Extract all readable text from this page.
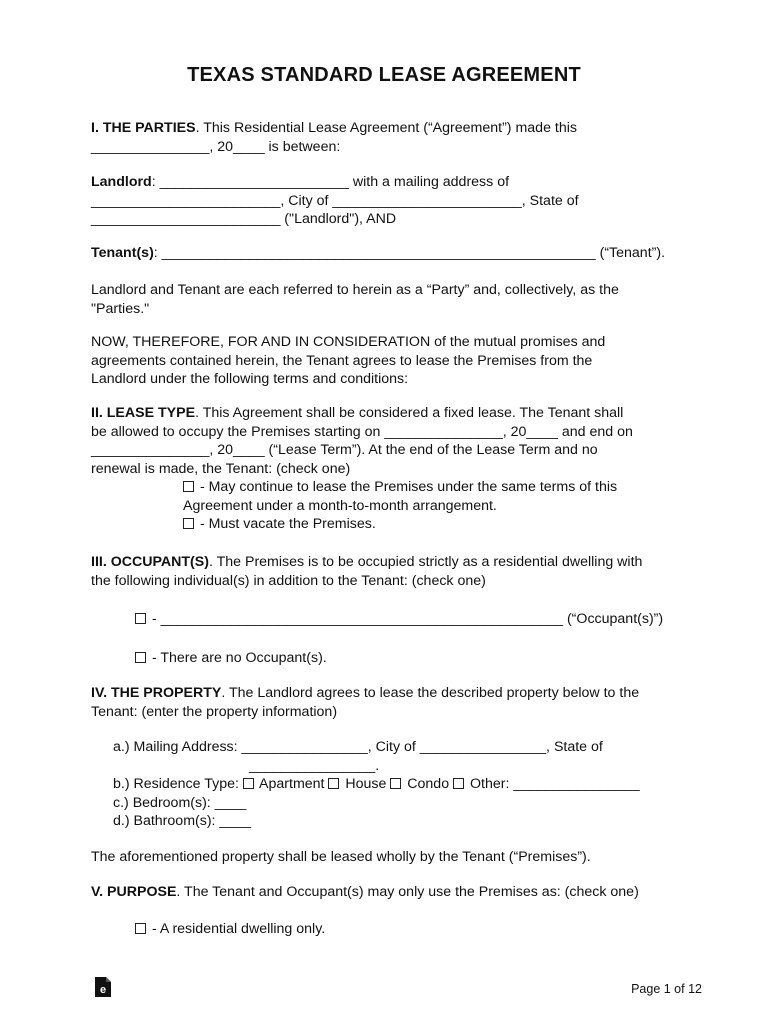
TEXAS STANDARD LEASE AGREEMENT
I. THE PARTIES. This Residential Lease Agreement (“Agreement”) made this
_______________, 20____ is between:
Landlord: ________________________ with a mailing address of
________________________, City of ________________________, State of
________________________ ("Landlord"), AND
Tenant(s): _______________________________________________________ (“Tenant”).
Landlord and Tenant are each referred to herein as a “Party” and, collectively, as the
"Parties."
NOW, THEREFORE, FOR AND IN CONSIDERATION of the mutual promises and
agreements contained herein, the Tenant agrees to lease the Premises from the
Landlord under the following terms and conditions:
II. LEASE TYPE. This Agreement shall be considered a fixed lease. The Tenant shall
be allowed to occupy the Premises starting on _______________, 20____ and end on
_______________, 20____ (“Lease Term”). At the end of the Lease Term and no
renewal is made, the Tenant: (check one)
- May continue to lease the Premises under the same terms of this
Agreement under a month-to-month arrangement.
- Must vacate the Premises.
III. OCCUPANT(S). The Premises is to be occupied strictly as a residential dwelling with
the following individual(s) in addition to the Tenant: (check one)
- ___________________________________________________ (“Occupant(s)”)
- There are no Occupant(s).
IV. THE PROPERTY. The Landlord agrees to lease the described property below to the
Tenant: (enter the property information)
a.) Mailing Address: ________________, City of ________________, State of
________________.
b.) Residence Type:  Apartment  House  Condo  Other: ________________
c.) Bedroom(s): ____
d.) Bathroom(s): ____
The aforementioned property shall be leased wholly by the Tenant (“Premises”).
V. PURPOSE. The Tenant and Occupant(s) may only use the Premises as: (check one)
- A residential dwelling only.
e	Page 1 of 12
